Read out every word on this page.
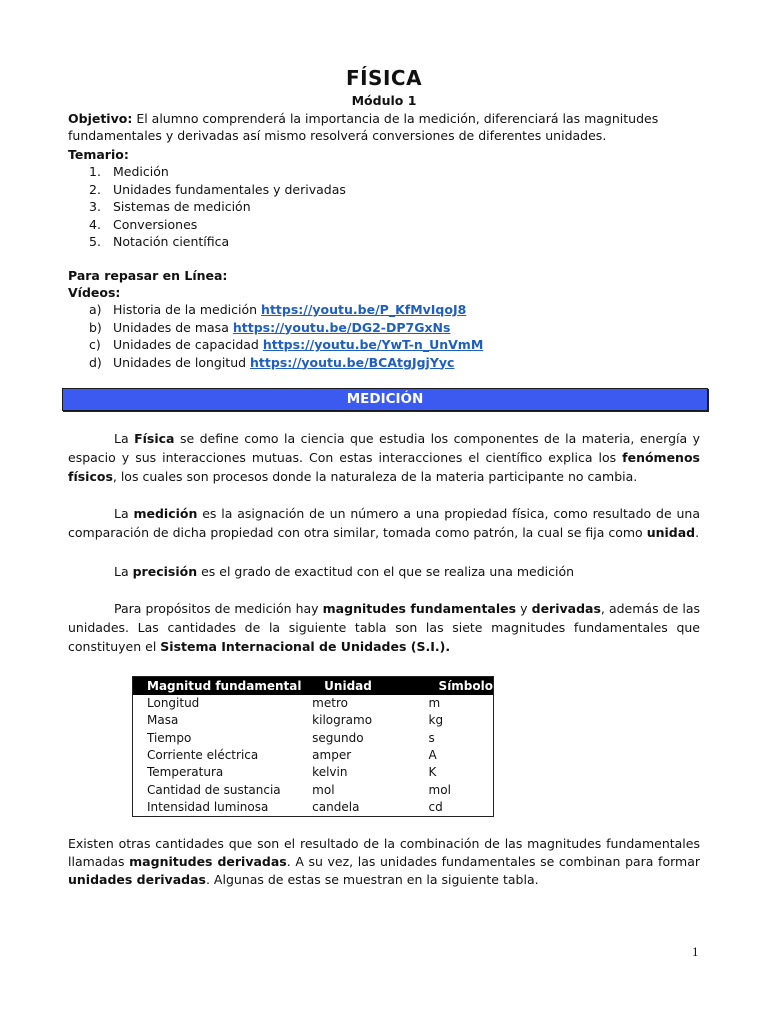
FÍSICA
Módulo 1
Objetivo: El alumno comprenderá la importancia de la medición, diferenciará las magnitudes fundamentales y derivadas así mismo resolverá conversiones de diferentes unidades.
Temario:
1. Medición
2. Unidades fundamentales y derivadas
3. Sistemas de medición
4. Conversiones
5. Notación científica
Para repasar en Línea:
Vídeos:
a) Historia de la medición https://youtu.be/P_KfMvIqoJ8
b) Unidades de masa https://youtu.be/DG2-DP7GxNs
c) Unidades de capacidad https://youtu.be/YwT-n_UnVmM
d) Unidades de longitud https://youtu.be/BCAtgJgjYyc
MEDICIÓN
La Física se define como la ciencia que estudia los componentes de la materia, energía y espacio y sus interacciones mutuas. Con estas interacciones el científico explica los fenómenos físicos, los cuales son procesos donde la naturaleza de la materia participante no cambia.
La medición es la asignación de un número a una propiedad física, como resultado de una comparación de dicha propiedad con otra similar, tomada como patrón, la cual se fija como unidad.
La precisión es el grado de exactitud con el que se realiza una medición
Para propósitos de medición hay magnitudes fundamentales y derivadas, además de las unidades. Las cantidades de la siguiente tabla son las siete magnitudes fundamentales que constituyen el Sistema Internacional de Unidades (S.I.).
Magnitud fundamental	Unidad	Símbolo
Longitud	metro	m
Masa	kilogramo	kg
Tiempo	segundo	s
Corriente eléctrica	amper	A
Temperatura	kelvin	K
Cantidad de sustancia	mol	mol
Intensidad luminosa	candela	cd
Existen otras cantidades que son el resultado de la combinación de las magnitudes fundamentales llamadas magnitudes derivadas. A su vez, las unidades fundamentales se combinan para formar unidades derivadas. Algunas de estas se muestran en la siguiente tabla.
1
